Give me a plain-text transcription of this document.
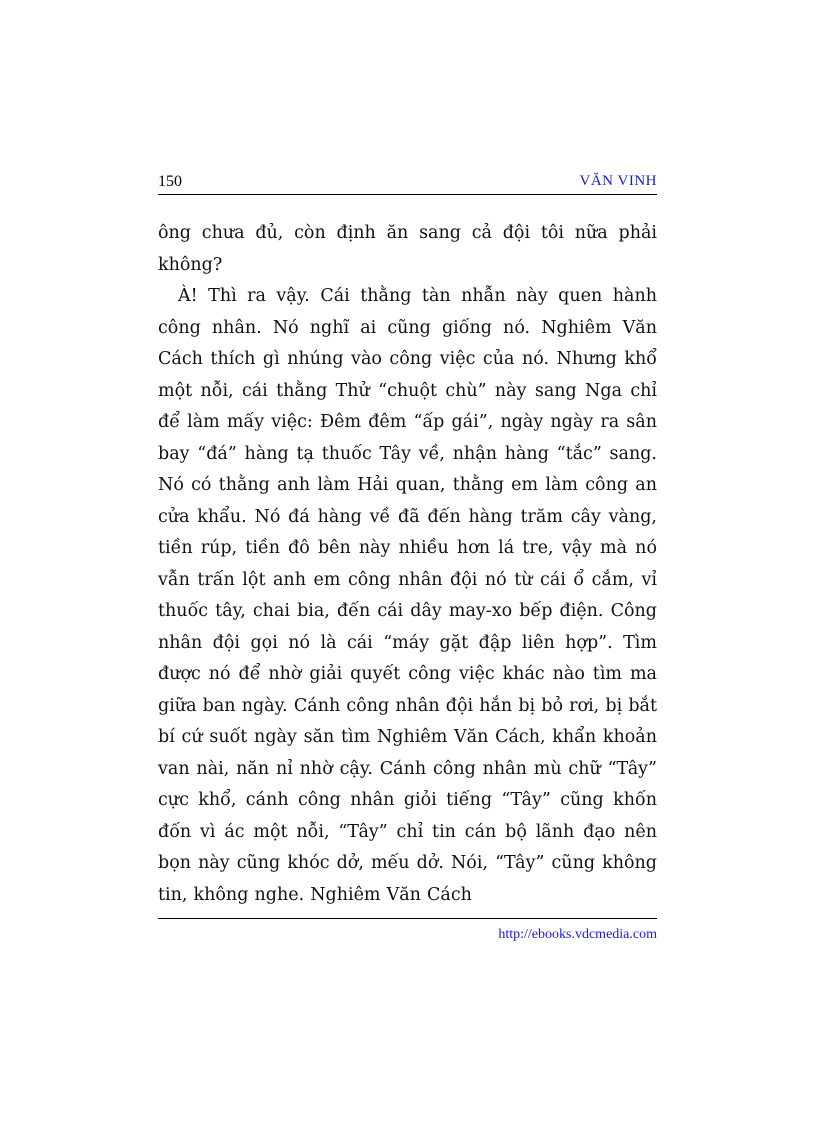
150	VĂN VINH

ông chưa đủ, còn định ăn sang cả đội tôi nữa phải không?

À! Thì ra vậy. Cái thằng tàn nhẫn này quen hành công nhân. Nó nghĩ ai cũng giống nó. Nghiêm Văn Cách thích gì nhúng vào công việc của nó. Nhưng khổ một nỗi, cái thằng Thử “chuột chù” này sang Nga chỉ để làm mấy việc: Đêm đêm “ấp gái”, ngày ngày ra sân bay “đá” hàng tạ thuốc Tây về, nhận hàng “tắc” sang. Nó có thằng anh làm Hải quan, thằng em làm công an cửa khẩu. Nó đá hàng về đã đến hàng trăm cây vàng, tiền rúp, tiền đô bên này nhiều hơn lá tre, vậy mà nó vẫn trấn lột anh em công nhân đội nó từ cái ổ cắm, vỉ thuốc tây, chai bia, đến cái dây may-xo bếp điện. Công nhân đội gọi nó là cái “máy gặt đập liên hợp”. Tìm được nó để nhờ giải quyết công việc khác nào tìm ma giữa ban ngày. Cánh công nhân đội hắn bị bỏ rơi, bị bắt bí cứ suốt ngày săn tìm Nghiêm Văn Cách, khẩn khoản van nài, năn nỉ nhờ cậy. Cánh công nhân mù chữ “Tây” cực khổ, cánh công nhân giỏi tiếng “Tây” cũng khốn đốn vì ác một nỗi, “Tây” chỉ tin cán bộ lãnh đạo nên bọn này cũng khóc dở, mếu dở. Nói, “Tây” cũng không tin, không nghe. Nghiêm Văn Cách

http://ebooks.vdcmedia.com
